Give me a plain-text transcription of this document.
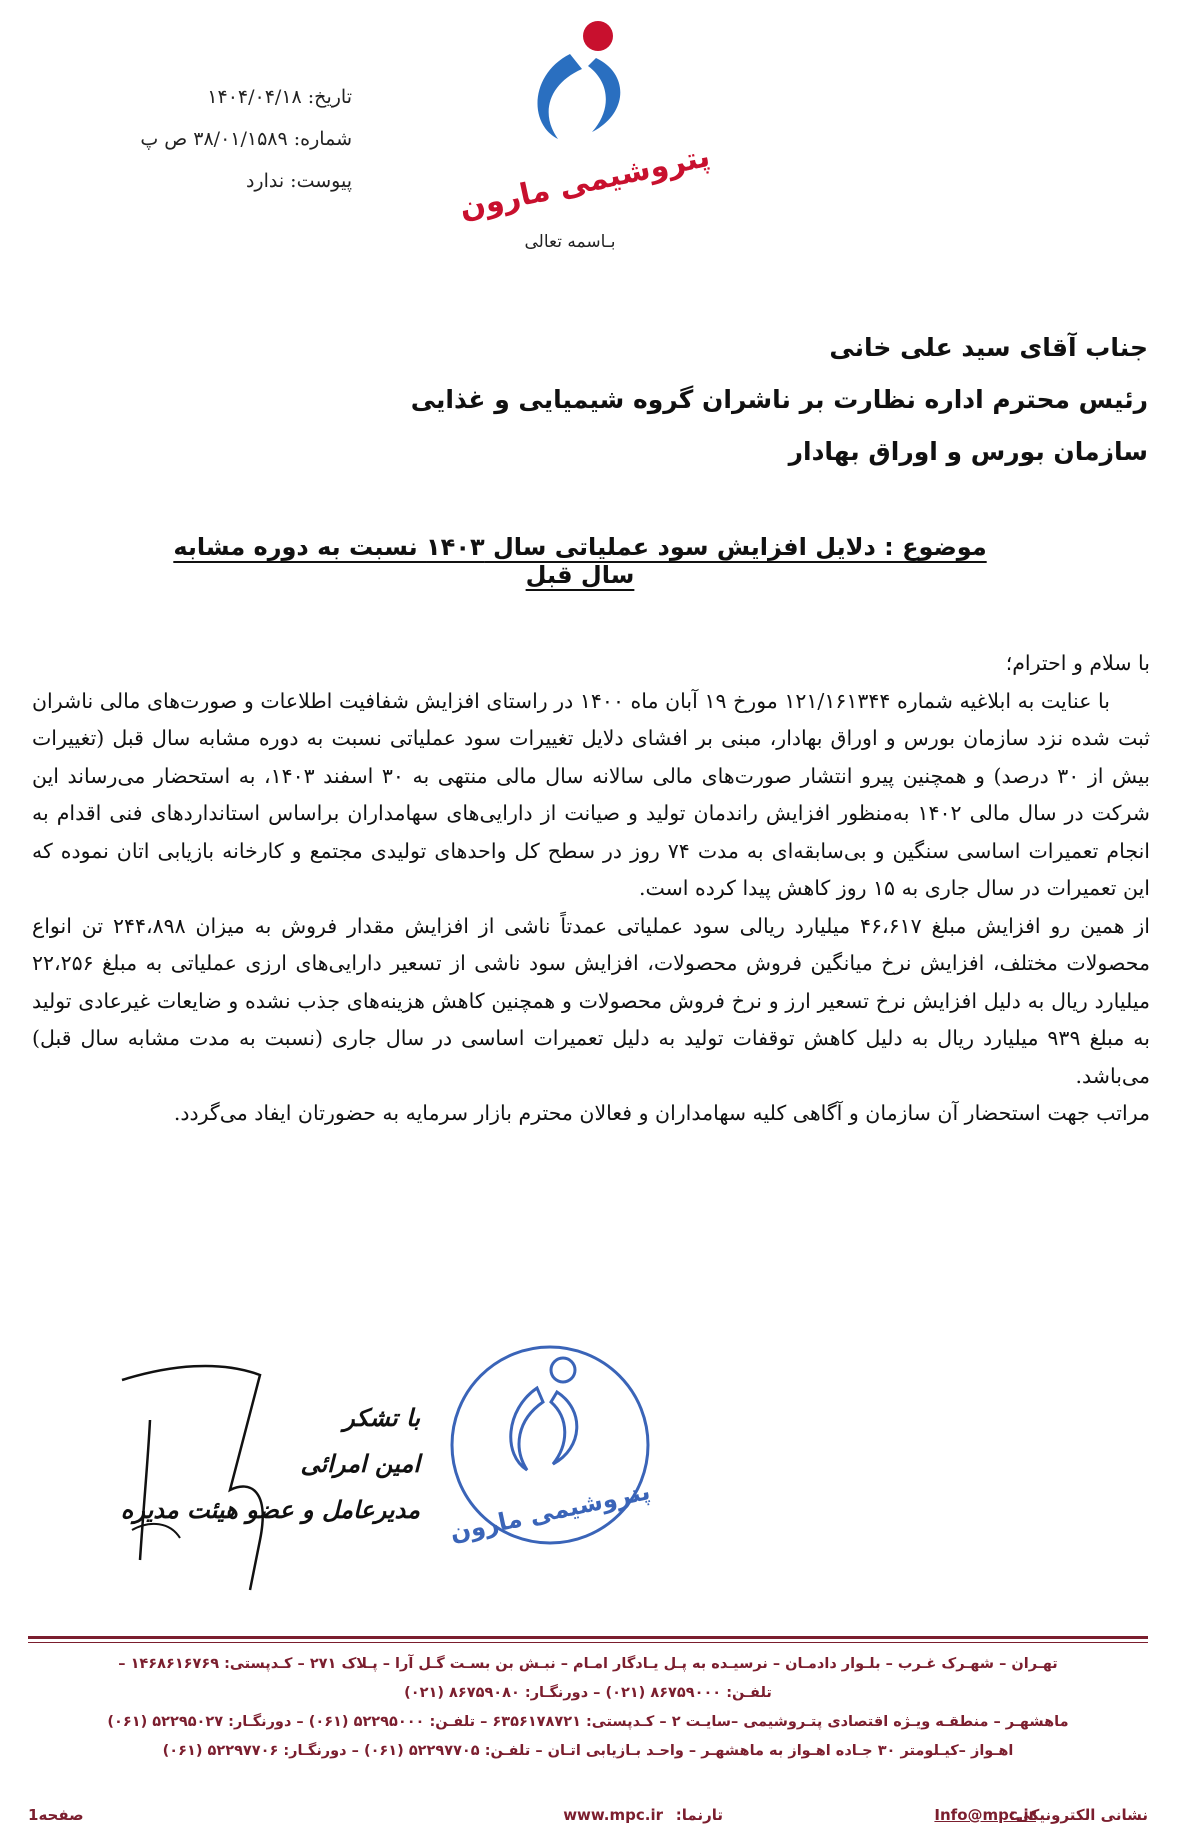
تاریخ: ۱۴۰۴/۰۴/۱۸
شماره: ۳۸/۰۱/۱۵۸۹ ص پ
پیوست: ندارد
MPC
پتروشیمی مارون
بـاسمه تعالی
جناب آقای سید علی خانی
رئیس محترم اداره نظارت بر ناشران گروه شیمیایی و غذایی
سازمان بورس و اوراق بهادار
موضوع : دلایل افزایش سود عملیاتی سال ۱۴۰۳ نسبت به دوره مشابه سال قبل

با سلام و احترام؛

با عنایت به ابلاغیه شماره ۱۲۱/۱۶۱۳۴۴ مورخ ۱۹ آبان ماه ۱۴۰۰ در راستای افزایش شفافیت اطلاعات و صورت‌های مالی ناشران ثبت شده نزد سازمان بورس و اوراق بهادار، مبنی بر افشای دلایل تغییرات سود عملیاتی نسبت به دوره مشابه سال قبل (تغییرات بیش از ۳۰ درصد) و همچنین پیرو انتشار صورت‌های مالی سالانه سال مالی منتهی به ۳۰ اسفند ۱۴۰۳، به استحضار می‌رساند این شرکت در سال مالی ۱۴۰۲ به‌منظور افزایش راندمان تولید و صیانت از دارایی‌های سهامداران براساس استانداردهای فنی اقدام به انجام تعمیرات اساسی سنگین و بی‌سابقه‌ای به مدت ۷۴ روز در سطح کل واحدهای تولیدی مجتمع و کارخانه بازیابی اتان نموده که این تعمیرات در سال جاری به ۱۵ روز کاهش پیدا کرده است.

از همین رو افزایش مبلغ ۴۶،۶۱۷ میلیارد ریالی سود عملیاتی عمدتاً ناشی از افزایش مقدار فروش به میزان ۲۴۴،۸۹۸ تن انواع محصولات مختلف، افزایش نرخ میانگین فروش محصولات، افزایش سود ناشی از تسعیر دارایی‌های ارزی عملیاتی به مبلغ ۲۲،۲۵۶ میلیارد ریال به دلیل افزایش نرخ تسعیر ارز و نرخ فروش محصولات و همچنین کاهش هزینه‌های جذب نشده و ضایعات غیرعادی تولید به مبلغ ۹۳۹ میلیارد ریال به دلیل کاهش توقفات تولید به دلیل تعمیرات اساسی در سال جاری (نسبت به مدت مشابه سال قبل) می‌باشد.

مراتب جهت استحضار آن سازمان و آگاهی کلیه سهامداران و فعالان محترم بازار سرمایه به حضورتان ایفاد می‌گردد.

با تشکر
امین امرائی
مدیرعامل و عضو هیئت مدیره پتروشیمی مارون
تهـران – شهـرک غـرب – بلـوار دادمـان – نرسیـده به پـل یـادگار امـام – نبـش بن بسـت گـل آرا – پـلاک ۲۷۱ – کـدپستی: ۱۴۶۸۶۱۶۷۶۹ –
تلفـن: ۸۶۷۵۹۰۰۰ (۰۲۱) – دورنگـار: ۸۶۷۵۹۰۸۰ (۰۲۱)
ماهشهـر – منطقـه ویـژه اقتصادی پتـروشیمی –سایـت ۲ – کـدپستی: ۶۳۵۶۱۷۸۷۲۱ – تلفـن: ۵۲۲۹۵۰۰۰ (۰۶۱) – دورنگـار: ۵۲۲۹۵۰۲۷ (۰۶۱)
اهـواز –کیـلومتر ۳۰ جـاده اهـواز به ماهشهـر – واحـد بـازیابی اتـان – تلفـن: ۵۲۲۹۷۷۰۵ (۰۶۱) – دورنگـار: ۵۲۲۹۷۷۰۶ (۰۶۱)
نشانی الکترونیکی:
Info@mpc.ir
تارنما:
www.mpc.ir
صفحه1
